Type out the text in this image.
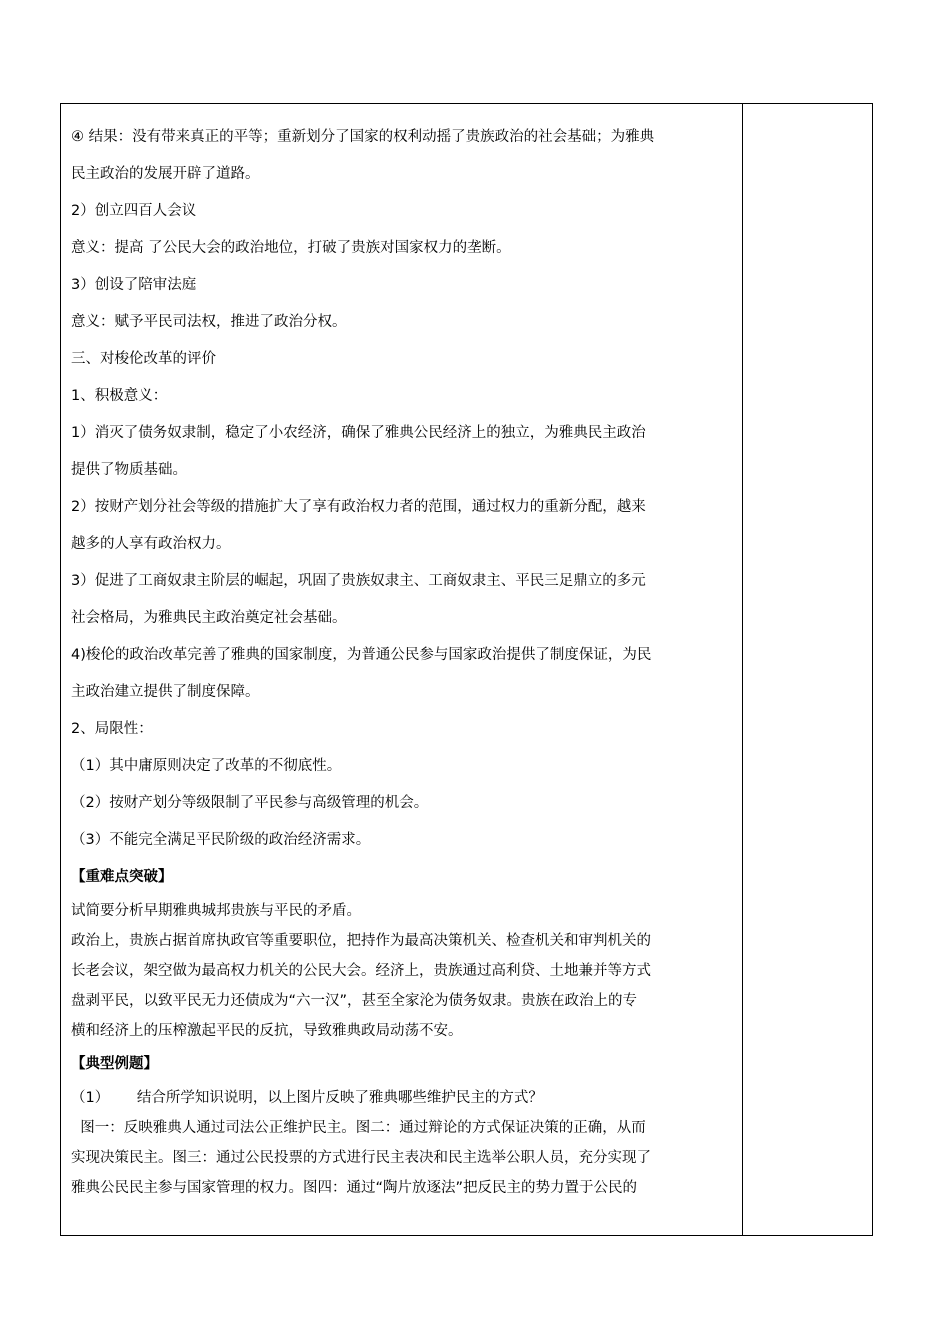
④ 结果：没有带来真正的平等；重新划分了国家的权利动摇了贵族政治的社会基础；为雅典

民主政治的发展开辟了道路。

2）创立四百人会议

意义：提高 了公民大会的政治地位，打破了贵族对国家权力的垄断。

3）创设了陪审法庭

意义：赋予平民司法权，推进了政治分权。

三、对梭伦改革的评价

1、积极意义：

1）消灭了债务奴隶制，稳定了小农经济，确保了雅典公民经济上的独立，为雅典民主政治

提供了物质基础。

2）按财产划分社会等级的措施扩大了享有政治权力者的范围，通过权力的重新分配，越来

越多的人享有政治权力。

3）促进了工商奴隶主阶层的崛起，巩固了贵族奴隶主、工商奴隶主、平民三足鼎立的多元

社会格局，为雅典民主政治奠定社会基础。

4)梭伦的政治改革完善了雅典的国家制度，为普通公民参与国家政治提供了制度保证，为民

主政治建立提供了制度保障。

2、局限性：

（1）其中庸原则决定了改革的不彻底性。

（2）按财产划分等级限制了平民参与高级管理的机会。

（3）不能完全满足平民阶级的政治经济需求。

【重难点突破】

试简要分析早期雅典城邦贵族与平民的矛盾。

政治上，贵族占据首席执政官等重要职位，把持作为最高决策机关、检查机关和审判机关的

长老会议，架空做为最高权力机关的公民大会。经济上，贵族通过高利贷、土地兼并等方式

盘剥平民，以致平民无力还债成为“六一汉”，甚至全家沦为债务奴隶。贵族在政治上的专

横和经济上的压榨激起平民的反抗，导致雅典政局动荡不安。

【典型例题】

（1）      结合所学知识说明，以上图片反映了雅典哪些维护民主的方式？

图一：反映雅典人通过司法公正维护民主。图二：通过辩论的方式保证决策的正确，从而

实现决策民主。图三：通过公民投票的方式进行民主表决和民主选举公职人员，充分实现了

雅典公民民主参与国家管理的权力。图四：通过“陶片放逐法”把反民主的势力置于公民的
